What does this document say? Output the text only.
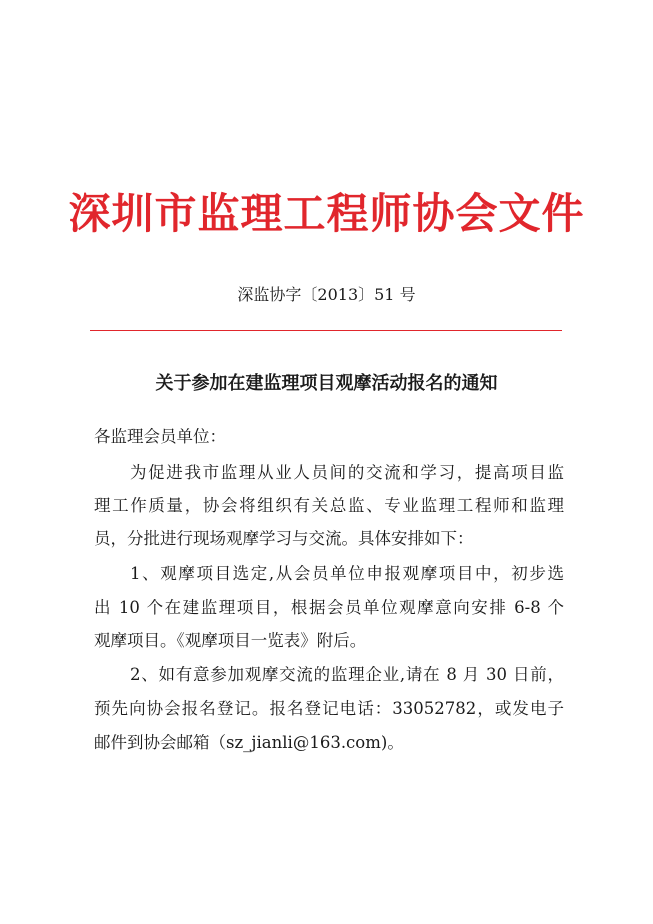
深圳市监理工程师协会文件
深监协字〔2013〕51 号
关于参加在建监理项目观摩活动报名的通知
各监理会员单位：
为促进我市监理从业人员间的交流和学习，提高项目监
理工作质量，协会将组织有关总监、专业监理工程师和监理
员，分批进行现场观摩学习与交流。具体安排如下：
1、观摩项目选定,从会员单位申报观摩项目中，初步选
出 10 个在建监理项目，根据会员单位观摩意向安排 6-8 个
观摩项目。《观摩项目一览表》附后。
2、如有意参加观摩交流的监理企业,请在 8 月 30 日前，
预先向协会报名登记。报名登记电话：33052782，或发电子
邮件到协会邮箱（sz_jianli@163.com)。
